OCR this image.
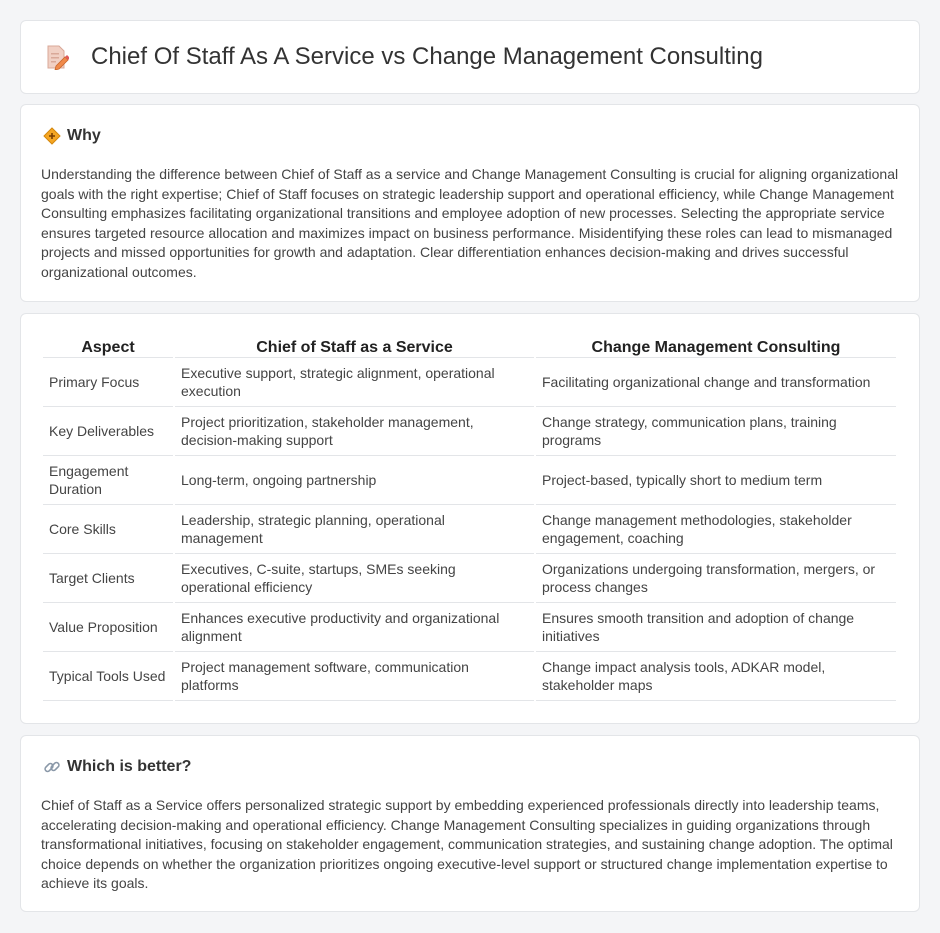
Chief Of Staff As A Service vs Change Management Consulting
Why

Understanding the difference between Chief of Staff as a service and Change Management Consulting is crucial for aligning organizational goals with the right expertise; Chief of Staff focuses on strategic leadership support and operational efficiency, while Change Management Consulting emphasizes facilitating organizational transitions and employee adoption of new processes. Selecting the appropriate service ensures targeted resource allocation and maximizes impact on business performance. Misidentifying these roles can lead to mismanaged projects and missed opportunities for growth and adaptation. Clear differentiation enhances decision-making and drives successful organizational outcomes.

Aspect	Chief of Staff as a Service	Change Management Consulting
Primary Focus	Executive support, strategic alignment, operational execution	Facilitating organizational change and transformation
Key Deliverables	Project prioritization, stakeholder management, decision-making support	Change strategy, communication plans, training programs
Engagement Duration	Long-term, ongoing partnership	Project-based, typically short to medium term
Core Skills	Leadership, strategic planning, operational management	Change management methodologies, stakeholder engagement, coaching
Target Clients	Executives, C-suite, startups, SMEs seeking operational efficiency	Organizations undergoing transformation, mergers, or process changes
Value Proposition	Enhances executive productivity and organizational alignment	Ensures smooth transition and adoption of change initiatives
Typical Tools Used	Project management software, communication platforms	Change impact analysis tools, ADKAR model, stakeholder maps
Which is better?

Chief of Staff as a Service offers personalized strategic support by embedding experienced professionals directly into leadership teams, accelerating decision-making and operational efficiency. Change Management Consulting specializes in guiding organizations through transformational initiatives, focusing on stakeholder engagement, communication strategies, and sustaining change adoption. The optimal choice depends on whether the organization prioritizes ongoing executive-level support or structured change implementation expertise to achieve its goals.
